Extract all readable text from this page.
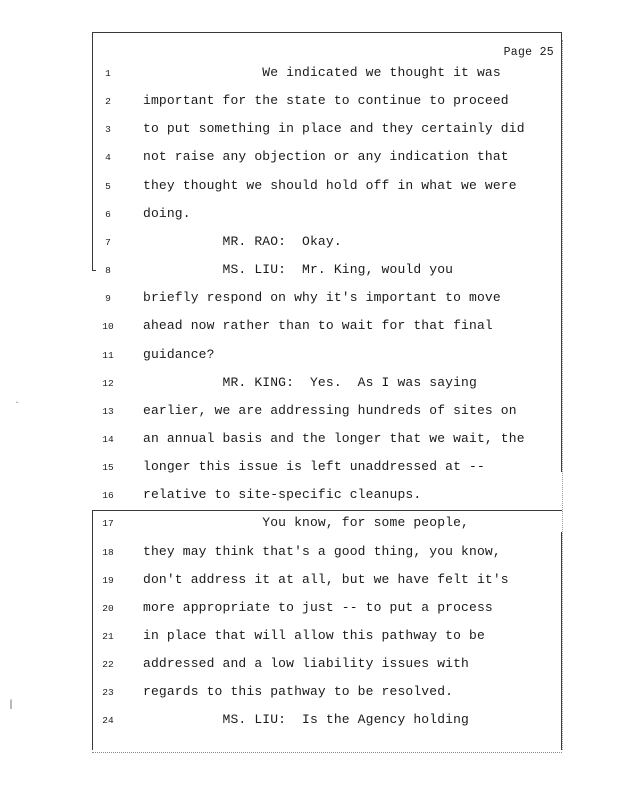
Page 25
1	We indicated we thought it was
2	important for the state to continue to proceed
3	to put something in place and they certainly did
4	not raise any objection or any indication that
5	they thought we should hold off in what we were
6	doing.
7	MR. RAO:  Okay.
8	MS. LIU:  Mr. King, would you
9	briefly respond on why it's important to move
10	ahead now rather than to wait for that final
11	guidance?
12	MR. KING:  Yes.  As I was saying
13	earlier, we are addressing hundreds of sites on
14	an annual basis and the longer that we wait, the
15	longer this issue is left unaddressed at --
16	relative to site-specific cleanups.
17	You know, for some people,
18	they may think that's a good thing, you know,
19	don't address it at all, but we have felt it's
20	more appropriate to just -- to put a process
21	in place that will allow this pathway to be
22	addressed and a low liability issues with
23	regards to this pathway to be resolved.
24	MS. LIU:  Is the Agency holding
`
|
